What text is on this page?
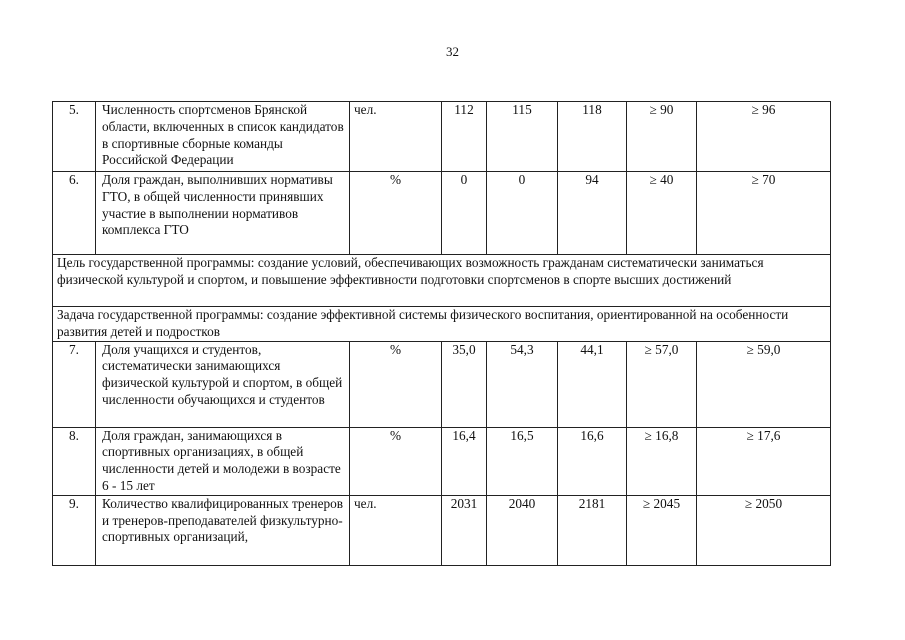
32
5.	Численность спортсменов Брянской области, включенных в список кандидатов в спортивные сборные команды Российской Федерации	чел.	112	115	118	≥ 90	≥ 96
6.	Доля граждан, выполнивших нормативы ГТО, в общей численности принявших участие в выполнении нормативов комплекса ГТО	%	0	0	94	≥ 40	≥ 70
Цель государственной программы: создание условий, обеспечивающих возможность гражданам систематически заниматься физической культурой и спортом, и повышение эффективности подготовки спортсменов в спорте высших достижений							
Задача государственной программы: создание эффективной системы физического воспитания, ориентированной на особенности развития детей и подростков							
7.	Доля учащихся и студентов, систематически занимающихся физической культурой и спортом, в общей численности обучающихся и студентов	%	35,0	54,3	44,1	≥ 57,0	≥ 59,0
8.	Доля граждан, занимающихся в спортивных организациях, в общей численности детей и молодежи в возрасте 6 - 15 лет	%	16,4	16,5	16,6	≥ 16,8	≥ 17,6
9.	Количество квалифицированных тренеров и тренеров-преподавателей физкультурно-спортивных организаций,	чел.	2031	2040	2181	≥ 2045	≥ 2050
